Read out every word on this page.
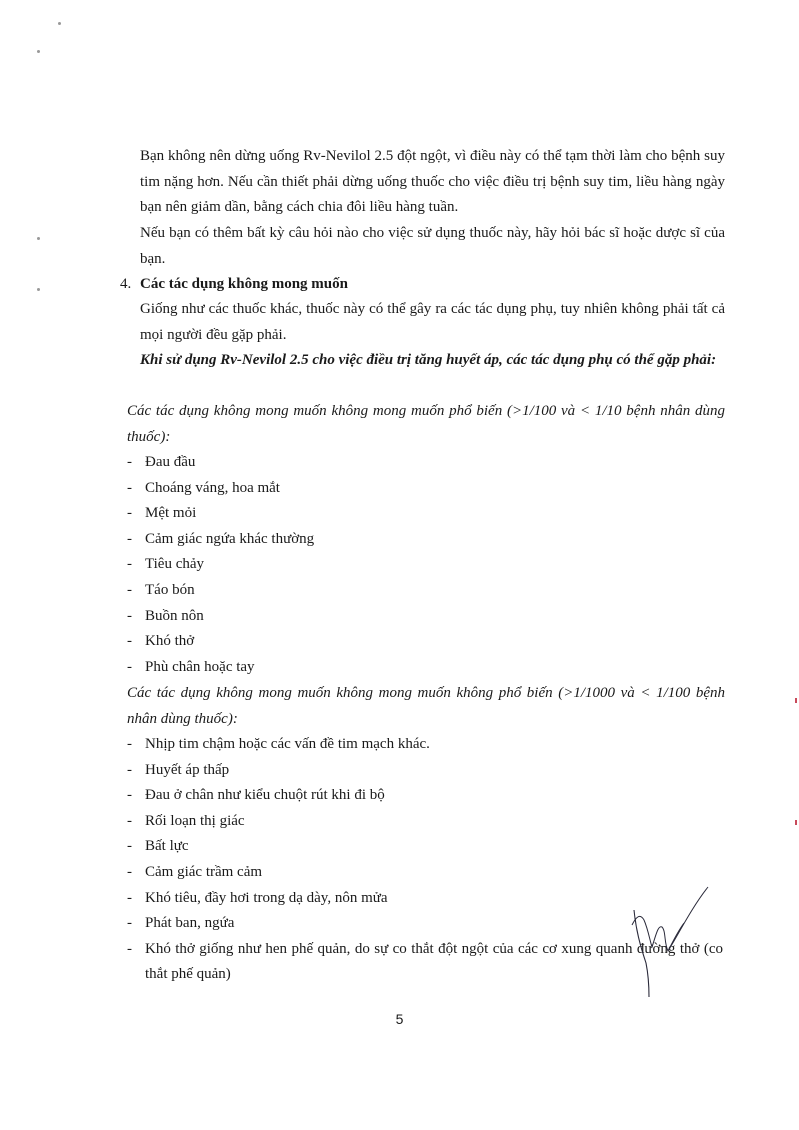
Bạn không nên dừng uống Rv-Nevilol 2.5 đột ngột, vì điều này có thể tạm thời làm cho bệnh suy tim nặng hơn. Nếu cần thiết phải dừng uống thuốc cho việc điều trị bệnh suy tim, liều hàng ngày bạn nên giảm dần, bằng cách chia đôi liều hàng tuần.

Nếu bạn có thêm bất kỳ câu hỏi nào cho việc sử dụng thuốc này, hãy hỏi bác sĩ hoặc dược sĩ của bạn.

4. Các tác dụng không mong muốn

Giống như các thuốc khác, thuốc này có thể gây ra các tác dụng phụ, tuy nhiên không phải tất cả mọi người đều gặp phải.

Khi sử dụng Rv-Nevilol 2.5 cho việc điều trị tăng huyết áp, các tác dụng phụ có thể gặp phải:

Các tác dụng không mong muốn không mong muốn phổ biến (>1/100 và < 1/10 bệnh nhân dùng thuốc):

- Đau đầu
- Choáng váng, hoa mắt
- Mệt mỏi
- Cảm giác ngứa khác thường
- Tiêu chảy
- Táo bón
- Buồn nôn
- Khó thở
- Phù chân hoặc tay

Các tác dụng không mong muốn không mong muốn không phổ biến (>1/1000 và < 1/100 bệnh nhân dùng thuốc):

- Nhịp tim chậm hoặc các vấn đề tim mạch khác.
- Huyết áp thấp
- Đau ở chân như kiểu chuột rút khi đi bộ
- Rối loạn thị giác
- Bất lực
- Cảm giác trầm cảm
- Khó tiêu, đầy hơi trong dạ dày, nôn mửa
- Phát ban, ngứa
- Khó thở giống như hen phế quản, do sự co thắt đột ngột của các cơ xung quanh đường thở (co thắt phế quản)
5
